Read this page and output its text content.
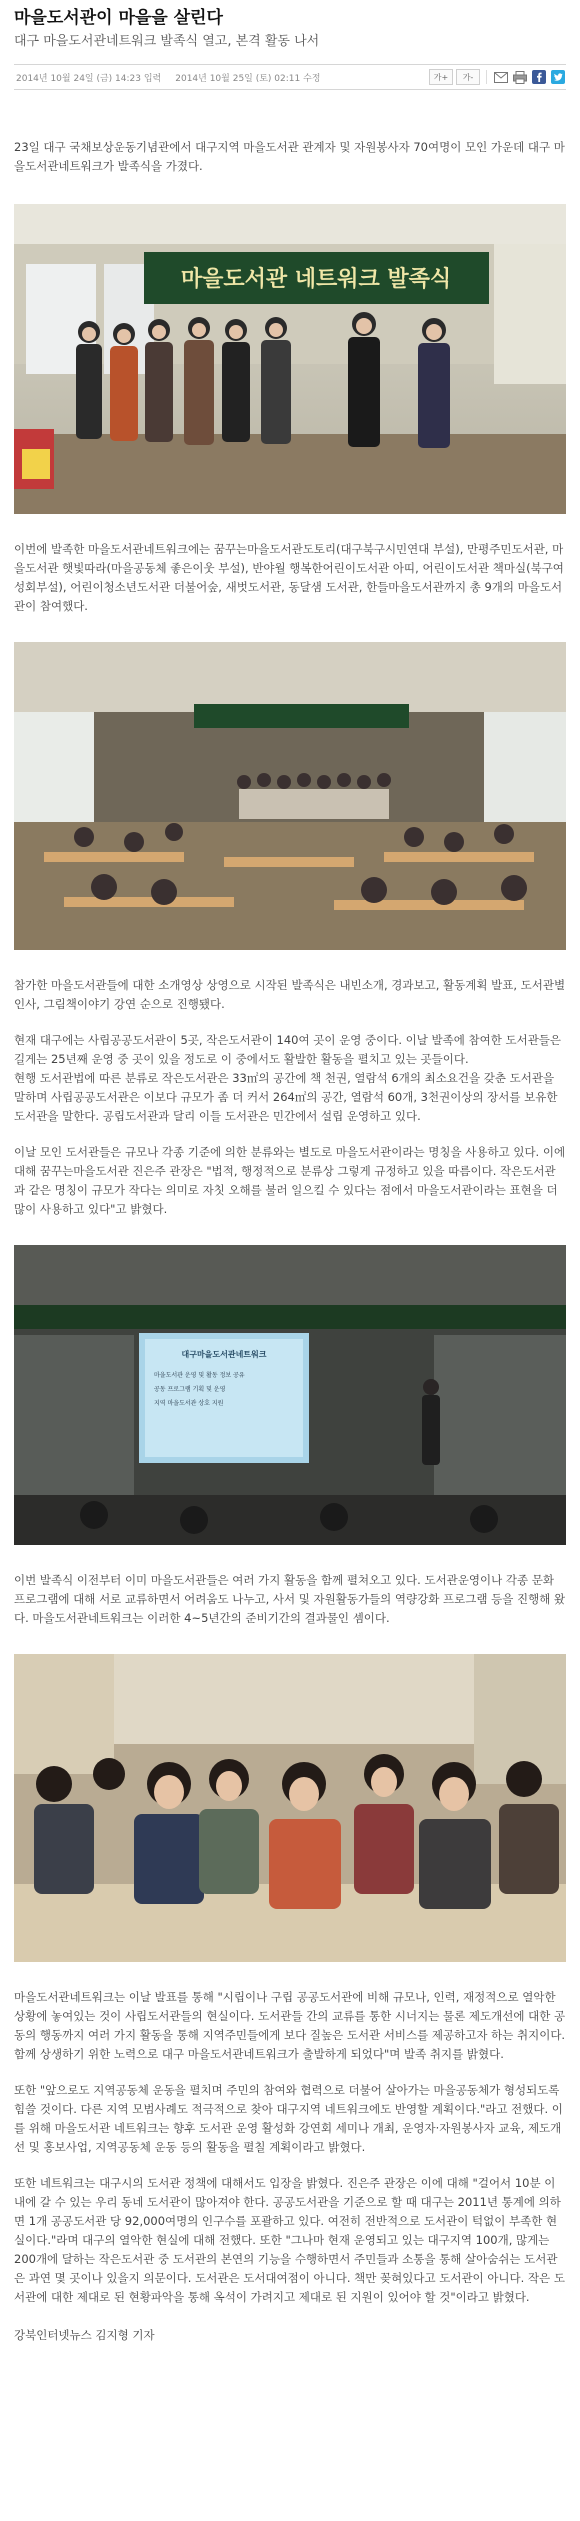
마을도서관이 마을을 살린다
대구 마을도서관네트워크 발족식 열고, 본격 활동 나서
2014년 10월 24일 (금) 14:23 입력 2014년 10월 25일 (토) 02:11 수정	가+	가-

23일 대구 국채보상운동기념관에서 대구지역 마을도서관 관계자 및 자원봉사자 70여명이 모인 가운데 대구 마을도서관네트워크가 발족식을 가졌다.

마을도서관 네트워크 발족식

이번에 발족한 마을도서관네트워크에는 꿈꾸는마을도서관도토리(대구북구시민연대 부설), 만평주민도서관, 마을도서관 햇빛따라(마을공동체 좋은이웃 부설), 반야월 행복한어린이도서관 아띠, 어린이도서관 책마실(북구여성회부설), 어린이청소년도서관 더불어숲, 새벗도서관, 동달샘 도서관, 한들마을도서관까지 총 9개의 마을도서관이 참여했다.

참가한 마을도서관들에 대한 소개영상 상영으로 시작된 발족식은 내빈소개, 경과보고, 활동계획 발표, 도서관별 인사, 그림책이야기 강연 순으로 진행됐다.

현재 대구에는 사립공공도서관이 5곳, 작은도서관이 140여 곳이 운영 중이다. 이날 발족에 참여한 도서관들은 길게는 25년째 운영 중 곳이 있을 정도로 이 중에서도 활발한 활동을 펼치고 있는 곳들이다.

현행 도서관법에 따른 분류로 작은도서관은 33㎡의 공간에 책 천권, 열람석 6개의 최소요건을 갖춘 도서관을 말하며 사립공공도서관은 이보다 규모가 좀 더 커서 264㎡의 공간, 열람석 60개, 3천권이상의 장서를 보유한 도서관을 말한다. 공립도서관과 달리 이들 도서관은 민간에서 설립 운영하고 있다.

이날 모인 도서관들은 규모나 각종 기준에 의한 분류와는 별도로 마을도서관이라는 명칭을 사용하고 있다. 이에 대해 꿈꾸는마을도서관 진은주 관장은 "법적, 행정적으로 분류상 그렇게 규정하고 있을 따름이다. 작은도서관과 같은 명칭이 규모가 작다는 의미로 자칫 오해를 불러 일으킬 수 있다는 점에서 마을도서관이라는 표현을 더 많이 사용하고 있다"고 밝혔다.

대구마을도서관네트워크
마을도서관 운영 및 활동 정보 공유
공동 프로그램 기획 및 운영
지역 마을도서관 상호 지원

이번 발족식 이전부터 이미 마을도서관들은 여러 가지 활동을 함께 펼쳐오고 있다. 도서관운영이나 각종 문화 프로그램에 대해 서로 교류하면서 어려움도 나누고, 사서 및 자원활동가들의 역량강화 프로그램 등을 진행해 왔다. 마을도서관네트워크는 이러한 4~5년간의 준비기간의 결과물인 셈이다.

마을도서관네트워크는 이날 발표를 통해 "시립이나 구립 공공도서관에 비해 규모나, 인력, 재정적으로 열악한 상황에 놓여있는 것이 사립도서관들의 현실이다. 도서관들 간의 교류를 통한 시너지는 물론 제도개선에 대한 공동의 행동까지 여러 가지 활동을 통해 지역주민들에게 보다 질높은 도서관 서비스를 제공하고자 하는 취지이다. 함께 상생하기 위한 노력으로 대구 마을도서관네트워크가 출발하게 되었다"며 발족 취지를 밝혔다.

또한 "앞으로도 지역공동체 운동을 펼치며 주민의 참여와 협력으로 더불어 살아가는 마을공동체가 형성되도록 힘쓸 것이다. 다른 지역 모범사례도 적극적으로 찾아 대구지역 네트워크에도 반영할 계획이다."라고 전했다. 이를 위해 마을도서관 네트워크는 향후 도서관 운영 활성화 강연회 세미나 개최, 운영자·자원봉사자 교육, 제도개선 및 홍보사업, 지역공동체 운동 등의 활동을 펼칠 계획이라고 밝혔다.

또한 네트워크는 대구시의 도서관 정책에 대해서도 입장을 밝혔다. 진은주 관장은 이에 대해 "걸어서 10분 이내에 갈 수 있는 우리 동네 도서관이 많아져야 한다. 공공도서관을 기준으로 할 때 대구는 2011년 통계에 의하면 1개 공공도서관 당 92,000여명의 인구수를 포괄하고 있다. 여전히 전반적으로 도서관이 턱없이 부족한 현실이다."라며 대구의 열악한 현실에 대해 전했다. 또한 "그나마 현재 운영되고 있는 대구지역 100개, 많게는 200개에 달하는 작은도서관 중 도서관의 본연의 기능을 수행하면서 주민들과 소통을 통해 살아숨쉬는 도서관은 과연 몇 곳이나 있을지 의문이다. 도서관은 도서대여점이 아니다. 책만 꽂혀있다고 도서관이 아니다. 작은 도서관에 대한 제대로 된 현황파악을 통해 옥석이 가려지고 제대로 된 지원이 있어야 할 것"이라고 밝혔다.

강북인터넷뉴스 김지형 기자
